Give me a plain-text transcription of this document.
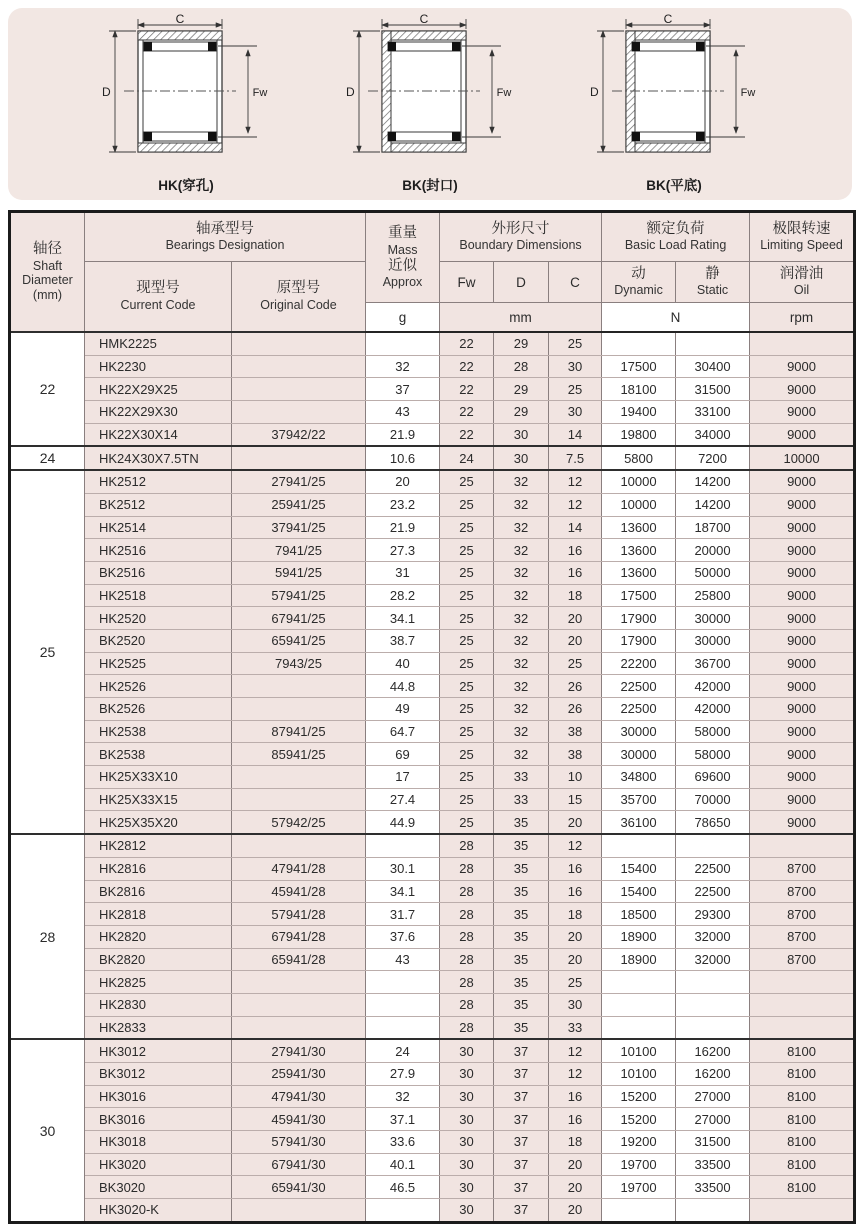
C
D	Fw
HK(穿孔)
C
D	Fw
BK(封口)
C
D	Fw
BK(平底)
轴径
Shaft
Diameter
(mm)

轴承型号
Bearings Designation

重量
Mass
近似
Approx

外形尺寸
Boundary Dimensions

额定负荷
Basic Load Rating

极限转速
Limiting Speed

现型号
Current Code

原型号
Original Code
	Fw	D	C	
动
Dynamic

静
Static

润滑油
Oil

			g	mm			N		rpm
22	HMK2225			22	29	25			
	HK2230		32	22	28	30	17500	30400	9000
	HK22X29X25		37	22	29	25	18100	31500	9000
	HK22X29X30		43	22	29	30	19400	33100	9000
	HK22X30X14	37942/22	21.9	22	30	14	19800	34000	9000
24	HK24X30X7.5TN		10.6	24	30	7.5	5800	7200	10000
25	HK2512	27941/25	20	25	32	12	10000	14200	9000
	BK2512	25941/25	23.2	25	32	12	10000	14200	9000
	HK2514	37941/25	21.9	25	32	14	13600	18700	9000
	HK2516	7941/25	27.3	25	32	16	13600	20000	9000
	BK2516	5941/25	31	25	32	16	13600	50000	9000
	HK2518	57941/25	28.2	25	32	18	17500	25800	9000
	HK2520	67941/25	34.1	25	32	20	17900	30000	9000
	BK2520	65941/25	38.7	25	32	20	17900	30000	9000
	HK2525	7943/25	40	25	32	25	22200	36700	9000
	HK2526		44.8	25	32	26	22500	42000	9000
	BK2526		49	25	32	26	22500	42000	9000
	HK2538	87941/25	64.7	25	32	38	30000	58000	9000
	BK2538	85941/25	69	25	32	38	30000	58000	9000
	HK25X33X10		17	25	33	10	34800	69600	9000
	HK25X33X15		27.4	25	33	15	35700	70000	9000
	HK25X35X20	57942/25	44.9	25	35	20	36100	78650	9000
28	HK2812			28	35	12			
	HK2816	47941/28	30.1	28	35	16	15400	22500	8700
	BK2816	45941/28	34.1	28	35	16	15400	22500	8700
	HK2818	57941/28	31.7	28	35	18	18500	29300	8700
	HK2820	67941/28	37.6	28	35	20	18900	32000	8700
	BK2820	65941/28	43	28	35	20	18900	32000	8700
	HK2825			28	35	25			
	HK2830			28	35	30			
	HK2833			28	35	33			
30	HK3012	27941/30	24	30	37	12	10100	16200	8100
	BK3012	25941/30	27.9	30	37	12	10100	16200	8100
	HK3016	47941/30	32	30	37	16	15200	27000	8100
	BK3016	45941/30	37.1	30	37	16	15200	27000	8100
	HK3018	57941/30	33.6	30	37	18	19200	31500	8100
	HK3020	67941/30	40.1	30	37	20	19700	33500	8100
	BK3020	65941/30	46.5	30	37	20	19700	33500	8100
	HK3020-K			30	37	20			
